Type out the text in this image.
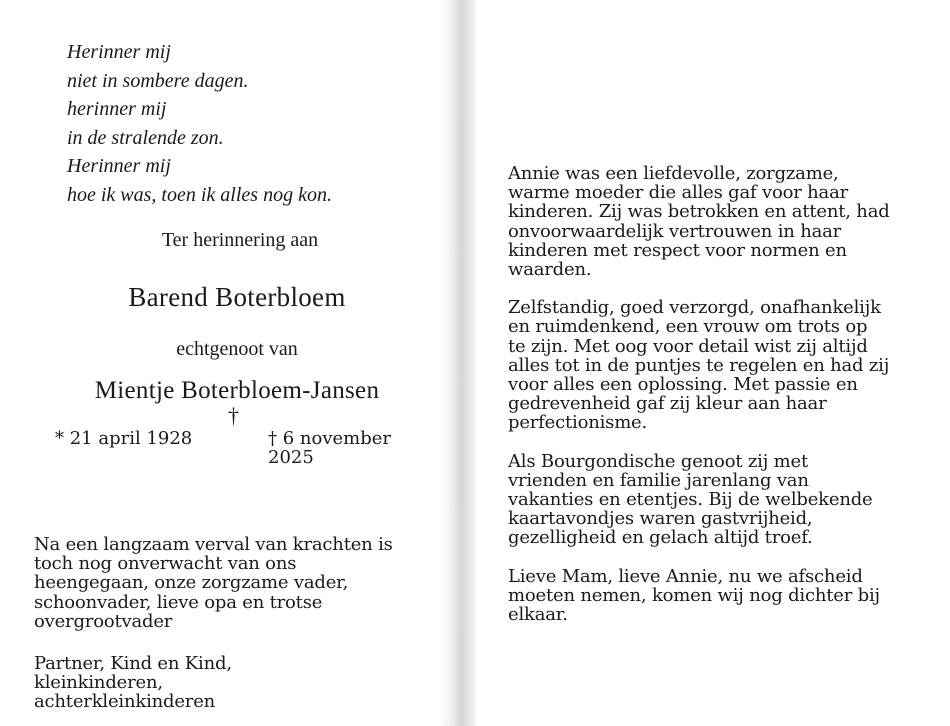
Herinner mij
niet in sombere dagen.
herinner mij
in de stralende zon.
Herinner mij
hoe ik was, toen ik alles nog kon.

Ter herinnering aan
Barend Boterbloem
echtgenoot van
Mientje Boterbloem-Jansen
†
* 21 april 1928	† 6 november
2025

Na een langzaam verval van krachten is
toch nog onverwacht van ons
heengegaan, onze zorgzame vader,
schoonvader, lieve opa en trotse
overgrootvader

Partner, Kind en Kind,
kleinkinderen,
achterkleinkinderen

Annie was een liefdevolle, zorgzame,
warme moeder die alles gaf voor haar
kinderen. Zij was betrokken en attent, had
onvoorwaardelijk vertrouwen in haar
kinderen met respect voor normen en
waarden.

Zelfstandig, goed verzorgd, onafhankelijk
en ruimdenkend, een vrouw om trots op
te zijn. Met oog voor detail wist zij altijd
alles tot in de puntjes te regelen en had zij
voor alles een oplossing. Met passie en
gedrevenheid gaf zij kleur aan haar
perfectionisme.

Als Bourgondische genoot zij met
vrienden en familie jarenlang van
vakanties en etentjes. Bij de welbekende
kaartavondjes waren gastvrijheid,
gezelligheid en gelach altijd troef.

Lieve Mam, lieve Annie, nu we afscheid
moeten nemen, komen wij nog dichter bij
elkaar.
